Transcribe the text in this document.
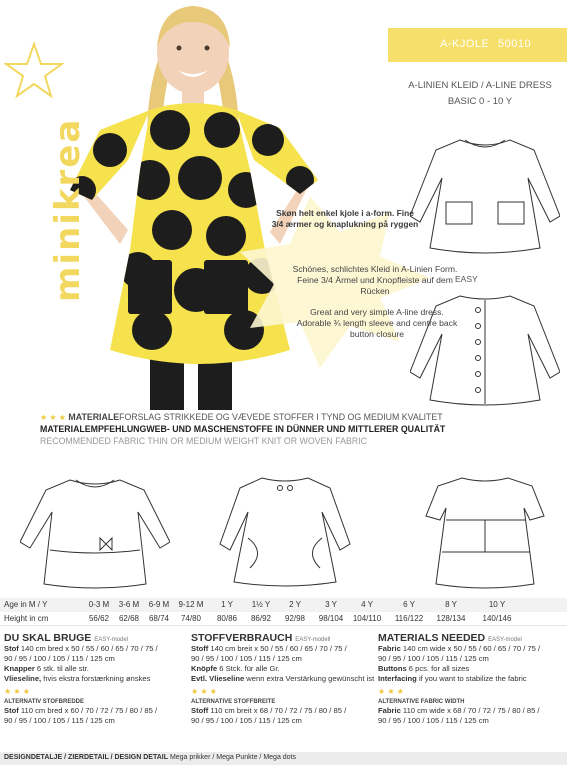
minikrea
A-KJOLE 50010
A-LINIEN KLEID / A-LINE DRESS
BASIC 0 - 10 Y
EASY
Skøn helt enkel kjole i a-form. Fine 3/4 ærmer og knaplukning på ryggen
Schönes, schlichtes Kleid in A-Linien Form. Feine 3/4 Ärmel und Knopfleiste auf dem Rücken
Great and very simple A-line dress. Adorable ¾ length sleeve and centre back button closure
★ ★ ★ MATERIALEFORSLAG STRIKKEDE OG VÆVEDE STOFFER I TYND OG MEDIUM KVALITET
MATERIALEMPFEHLUNGWEB- UND MASCHENSTOFFE IN DÜNNER UND MITTLERER QUALITÄT
RECOMMENDED FABRIC THIN OR MEDIUM WEIGHT KNIT OR WOVEN FABRIC
Age in M / Y	0-3 M	3-6 M	6-9 M	9-12 M	1 Y	1½ Y	2 Y	3 Y	4 Y	6 Y	8 Y	10 Y
Height in cm	56/62	62/68	68/74	74/80	80/86	86/92	92/98	98/104	104/110	116/122	128/134	140/146
DU SKAL BRUGE EASY-model
Stof 140 cm bred x 50 / 55 / 60 / 65 / 70 / 75 /
90 / 95 / 100 / 105 / 115 / 125 cm
Knapper 6 stk. til alle str.
Vlieseline, hvis ekstra forstærkning ønskes
★ ★ ★
ALTERNATIV STOFBREDDE
Stof 110 cm bred x 60 / 70 / 72 / 75 / 80 / 85 /
90 / 95 / 100 / 105 / 115 / 125 cm
STOFFVERBRAUCH EASY-modell
Stoff 140 cm breit x 50 / 55 / 60 / 65 / 70 / 75 /
90 / 95 / 100 / 105 / 115 / 125 cm
Knöpfe 6 Stck. für alle Gr.
Evtl. Vlieseline wenn extra Verstärkung gewünscht ist
★ ★ ★
ALTERNATIVE STOFFBREITE
Stoff 110 cm breit x 68 / 70 / 72 / 75 / 80 / 85 /
90 / 95 / 100 / 105 / 115 / 125 cm
MATERIALS NEEDED EASY-model
Fabric 140 cm wide x 50 / 55 / 60 / 65 / 70 / 75 /
90 / 95 / 100 / 105 / 115 / 125 cm
Buttons 6 pcs. for all sizes
Interfacing if you want to stabilize the fabric
★ ★ ★
ALTERNATIVE FABRIC WIDTH
Fabric 110 cm wide x 68 / 70 / 72 / 75 / 80 / 85 /
90 / 95 / 100 / 105 / 115 / 125 cm
DESIGNDETALJE / ZIERDETAIL / DESIGN DETAIL Mega prikker / Mega Punkte / Mega dots
